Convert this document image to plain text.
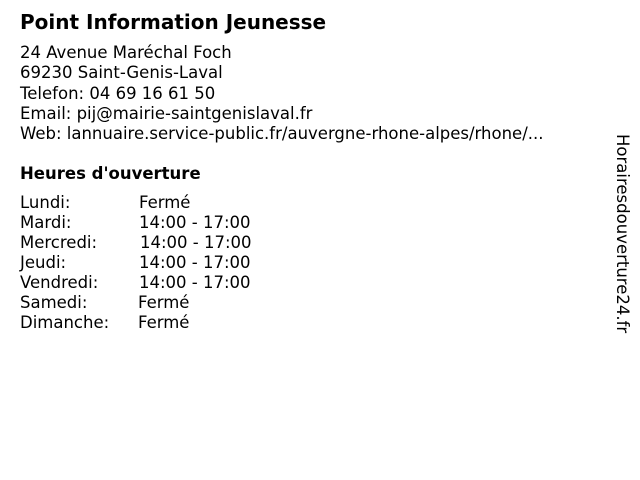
Point Information Jeunesse
24 Avenue Maréchal Foch
69230 Saint-Genis-Laval
Telefon: 04 69 16 61 50
Email: pij@mairie-saintgenislaval.fr
Web: lannuaire.service-public.fr/auvergne-rhone-alpes/rhone/...
Heures d'ouverture
Lundi:	Fermé
Mardi:	14:00 - 17:00
Mercredi:	14:00 - 17:00
Jeudi:	14:00 - 17:00
Vendredi: 14:00 - 17:00
Samedi:	Fermé
Dimanche: Fermé	Horairesdouverture24.fr
